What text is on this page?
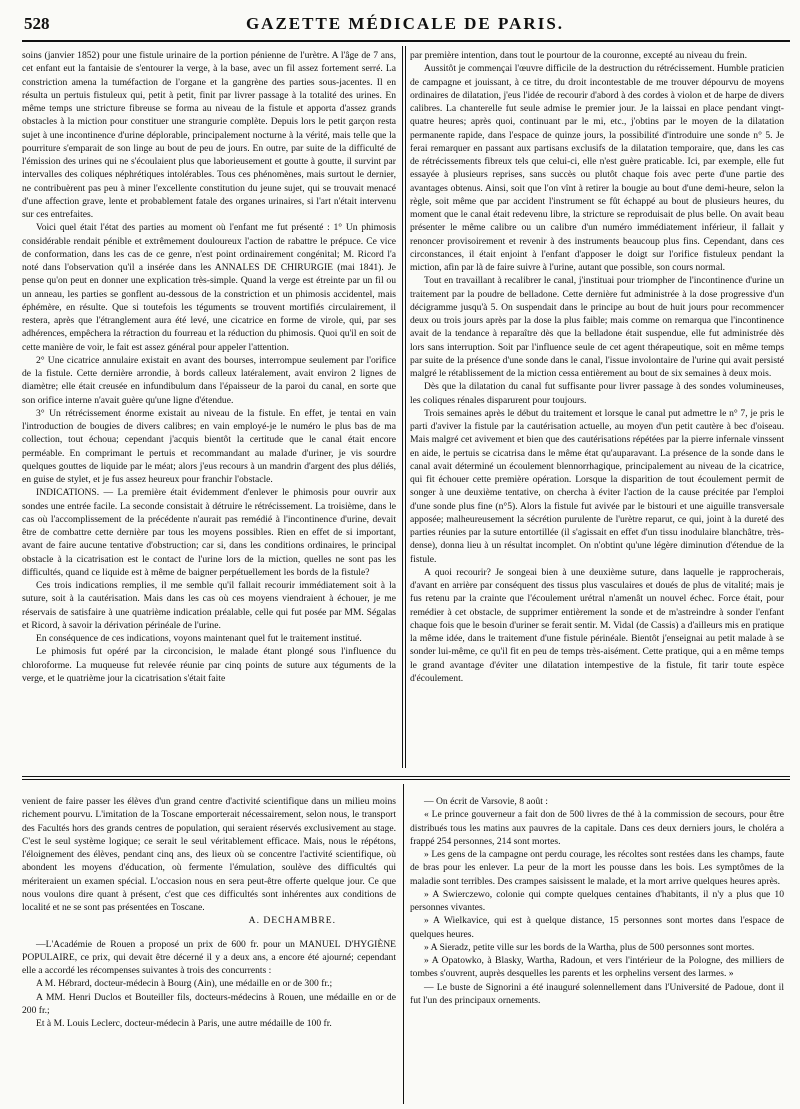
528	GAZETTE MÉDICALE DE PARIS.

soins (janvier 1852) pour une fistule urinaire de la portion pénienne de l'urètre. A l'âge de 7 ans, cet enfant eut la fantaisie de s'entourer la verge, à la base, avec un fil assez fortement serré. La constriction amena la tuméfaction de l'organe et la gangrène des parties sous-jacentes. Il en résulta un pertuis fistuleux qui, petit à petit, finit par livrer passage à la totalité des urines. En même temps une stricture fibreuse se forma au niveau de la fistule et apporta d'assez grands obstacles à la miction pour constituer une strangurie complète. Depuis lors le petit garçon resta sujet à une incontinence d'urine déplorable, principalement nocturne à la vérité, mais telle que la pourriture s'emparait de son linge au bout de peu de jours. En outre, par suite de la difficulté de l'émission des urines qui ne s'écoulaient plus que laborieusement et goutte à goutte, il survint par intervalles des coliques néphrétiques intolérables. Tous ces phénomènes, mais surtout le dernier, ne contribuèrent pas peu à miner l'excellente constitution du jeune sujet, qui se trouvait menacé d'une affection grave, lente et probablement fatale des organes urinaires, si l'art n'était intervenu sur ces entrefaites.

Voici quel était l'état des parties au moment où l'enfant me fut présenté : 1° Un phimosis considérable rendait pénible et extrêmement douloureux l'action de rabattre le prépuce. Ce vice de conformation, dans les cas de ce genre, n'est point ordinairement congénital; M. Ricord l'a noté dans l'observation qu'il a insérée dans les ANNALES DE CHIRURGIE (mai 1841). Je pense qu'on peut en donner une explication très-simple. Quand la verge est étreinte par un fil ou un anneau, les parties se gonflent au-dessous de la constriction et un phimosis accidentel, mais éphémère, en résulte. Que si toutefois les téguments se trouvent mortifiés circulairement, il restera, après que l'étranglement aura été levé, une cicatrice en forme de virole, qui, par ses adhérences, empêchera la rétraction du fourreau et la réduction du phimosis. Quoi qu'il en soit de cette manière de voir, le fait est assez général pour appeler l'attention.

2° Une cicatrice annulaire existait en avant des bourses, interrompue seulement par l'orifice de la fistule. Cette dernière arrondie, à bords calleux latéralement, avait environ 2 lignes de diamètre; elle était creusée en infundibulum dans l'épaisseur de la paroi du canal, en sorte que son orifice interne n'avait guère qu'une ligne d'étendue.

3° Un rétrécissement énorme existait au niveau de la fistule. En effet, je tentai en vain l'introduction de bougies de divers calibres; en vain employé-je le numéro le plus bas de ma collection, tout échoua; cependant j'acquis bientôt la certitude que le canal était encore perméable. En comprimant le pertuis et recommandant au malade d'uriner, je vis sourdre quelques gouttes de liquide par le méat; alors j'eus recours à un mandrin d'argent des plus déliés, en guise de stylet, et je fus assez heureux pour franchir l'obstacle.

INDICATIONS. — La première était évidemment d'enlever le phimosis pour ouvrir aux sondes une entrée facile. La seconde consistait à détruire le rétrécissement. La troisième, dans le cas où l'accomplissement de la précédente n'aurait pas remédié à l'incontinence d'urine, devait être de combattre cette dernière par tous les moyens possibles. Rien en effet de si important, avant de faire aucune tentative d'obstruction; car si, dans les conditions ordinaires, le principal obstacle à la cicatrisation est le contact de l'urine lors de la miction, quelles ne sont pas les difficultés, quand ce liquide est à même de baigner perpétuellement les bords de la fistule?

Ces trois indications remplies, il me semble qu'il fallait recourir immédiatement soit à la suture, soit à la cautérisation. Mais dans les cas où ces moyens viendraient à échouer, je me réservais de satisfaire à une quatrième indication préalable, celle qui fut posée par MM. Ségalas et Ricord, à savoir la dérivation périnéale de l'urine.

En conséquence de ces indications, voyons maintenant quel fut le traitement institué.

Le phimosis fut opéré par la circoncision, le malade étant plongé sous l'influence du chloroforme. La muqueuse fut relevée réunie par cinq points de suture aux téguments de la verge, et le quatrième jour la cicatrisation s'était faite

par première intention, dans tout le pourtour de la couronne, excepté au niveau du frein.

Aussitôt je commençai l'œuvre difficile de la destruction du rétrécissement. Humble praticien de campagne et jouissant, à ce titre, du droit incontestable de me trouver dépourvu de moyens ordinaires de dilatation, j'eus l'idée de recourir d'abord à des cordes à violon et de harpe de divers calibres. La chanterelle fut seule admise le premier jour. Je la laissai en place pendant vingt-quatre heures; après quoi, continuant par le mi, etc., j'obtins par le moyen de la dilatation permanente rapide, dans l'espace de quinze jours, la possibilité d'introduire une sonde n° 5. Je ferai remarquer en passant aux partisans exclusifs de la dilatation temporaire, que, dans les cas de rétrécissements fibreux tels que celui-ci, elle n'est guère praticable. Ici, par exemple, elle fut essayée à plusieurs reprises, sans succès ou plutôt chaque fois avec perte d'une partie des avantages obtenus. Ainsi, soit que l'on vînt à retirer la bougie au bout d'une demi-heure, selon la règle, soit même que par accident l'instrument se fût échappé au bout de plusieurs heures, du moment que le canal était redevenu libre, la stricture se reproduisait de plus belle. On avait beau présenter le même calibre ou un calibre d'un numéro immédiatement inférieur, il fallait y renoncer provisoirement et revenir à des instruments beaucoup plus fins. Cependant, dans ces circonstances, il était enjoint à l'enfant d'apposer le doigt sur l'orifice fistuleux pendant la miction, afin par là de faire suivre à l'urine, autant que possible, son cours normal.

Tout en travaillant à recalibrer le canal, j'instituai pour triompher de l'incontinence d'urine un traitement par la poudre de belladone. Cette dernière fut administrée à la dose progressive d'un décigramme jusqu'à 5. On suspendait dans le principe au bout de huit jours pour recommencer deux ou trois jours après par la dose la plus faible; mais comme on remarqua que l'incontinence avait de la tendance à reparaître dès que la belladone était suspendue, elle fut administrée dès lors sans interruption. Soit par l'influence seule de cet agent thérapeutique, soit en même temps par suite de la présence d'une sonde dans le canal, l'issue involontaire de l'urine qui avait persisté malgré le rétablissement de la miction cessa entièrement au bout de six semaines à deux mois.

Dès que la dilatation du canal fut suffisante pour livrer passage à des sondes volumineuses, les coliques rénales disparurent pour toujours.

Trois semaines après le début du traitement et lorsque le canal put admettre le n° 7, je pris le parti d'aviver la fistule par la cautérisation actuelle, au moyen d'un petit cautère à bec d'oiseau. Mais malgré cet avivement et bien que des cautérisations répétées par la pierre infernale vinssent en aide, le pertuis se cicatrisa dans le même état qu'auparavant. La présence de la sonde dans le canal avait déterminé un écoulement blennorrhagique, principalement au niveau de la cicatrice, qui fit échouer cette première opération. Lorsque la disparition de tout écoulement permit de songer à une deuxième tentative, on chercha à éviter l'action de la cause précitée par l'emploi d'une sonde plus fine (n°5). Alors la fistule fut avivée par le bistouri et une aiguille transversale apposée; malheureusement la sécrétion purulente de l'urètre reparut, ce qui, joint à la dureté des parties réunies par la suture entortillée (il s'agissait en effet d'un tissu inodulaire blanchâtre, très-dense), donna lieu à un résultat incomplet. On n'obtint qu'une légère diminution d'étendue de la fistule.

A quoi recourir? Je songeai bien à une deuxième suture, dans laquelle je rapprocherais, d'avant en arrière par conséquent des tissus plus vasculaires et doués de plus de vitalité; mais je fus retenu par la crainte que l'écoulement urétral n'amenât un nouvel échec. Force était, pour remédier à cet obstacle, de supprimer entièrement la sonde et de m'astreindre à sonder l'enfant chaque fois que le besoin d'uriner se ferait sentir. M. Vidal (de Cassis) a d'ailleurs mis en pratique la même idée, dans le traitement d'une fistule périnéale. Bientôt j'enseignai au petit malade à se sonder lui-même, ce qu'il fit en peu de temps très-aisément. Cette pratique, qui a en même temps le grand avantage d'éviter une dilatation intempestive de la fistule, fit tarir toute espèce d'écoulement.

venient de faire passer les élèves d'un grand centre d'activité scientifique dans un milieu moins richement pourvu. L'imitation de la Toscane emporterait nécessairement, selon nous, le transport des Facultés hors des grands centres de population, qui seraient réservés exclusivement au stage. C'est le seul système logique; ce serait le seul véritablement efficace. Mais, nous le répétons, l'éloignement des élèves, pendant cinq ans, des lieux où se concentre l'activité scientifique, où abondent les moyens d'éducation, où fermente l'émulation, soulève des difficultés qui mériteraient un examen spécial. L'occasion nous en sera peut-être offerte quelque jour. Ce que nous voulons dire quant à présent, c'est que ces difficultés sont inhérentes aux conditions de localité et ne se sont pas présentées en Toscane.

A. DECHAMBRE.

—L'Académie de Rouen a proposé un prix de 600 fr. pour un MANUEL D'HYGIÈNE POPULAIRE, ce prix, qui devait être décerné il y a deux ans, a encore été ajourné; cependant elle a accordé les récompenses suivantes à trois des concurrents :

A M. Hébrard, docteur-médecin à Bourg (Ain), une médaille en or de 300 fr.;

A MM. Henri Duclos et Bouteiller fils, docteurs-médecins à Rouen, une médaille en or de 200 fr.;

Et à M. Louis Leclerc, docteur-médecin à Paris, une autre médaille de 100 fr.

— On écrit de Varsovie, 8 août :

« Le prince gouverneur a fait don de 500 livres de thé à la commission de secours, pour être distribués tous les matins aux pauvres de la capitale. Dans ces deux derniers jours, le choléra a frappé 254 personnes, 214 sont mortes.

» Les gens de la campagne ont perdu courage, les récoltes sont restées dans les champs, faute de bras pour les enlever. La peur de la mort les pousse dans les bois. Les symptômes de la maladie sont terribles. Des crampes saisissent le malade, et la mort arrive quelques heures après.

» A Swierczewo, colonie qui compte quelques centaines d'habitants, il n'y a plus que 10 personnes vivantes.

» A Wielkavice, qui est à quelque distance, 15 personnes sont mortes dans l'espace de quelques heures.

» A Sieradz, petite ville sur les bords de la Wartha, plus de 500 personnes sont mortes.

» A Opatowko, à Blasky, Wartha, Radoun, et vers l'intérieur de la Pologne, des milliers de tombes s'ouvrent, auprès desquelles les parents et les orphelins versent des larmes. »

— Le buste de Signorini a été inauguré solennellement dans l'Université de Padoue, dont il fut l'un des principaux ornements.
